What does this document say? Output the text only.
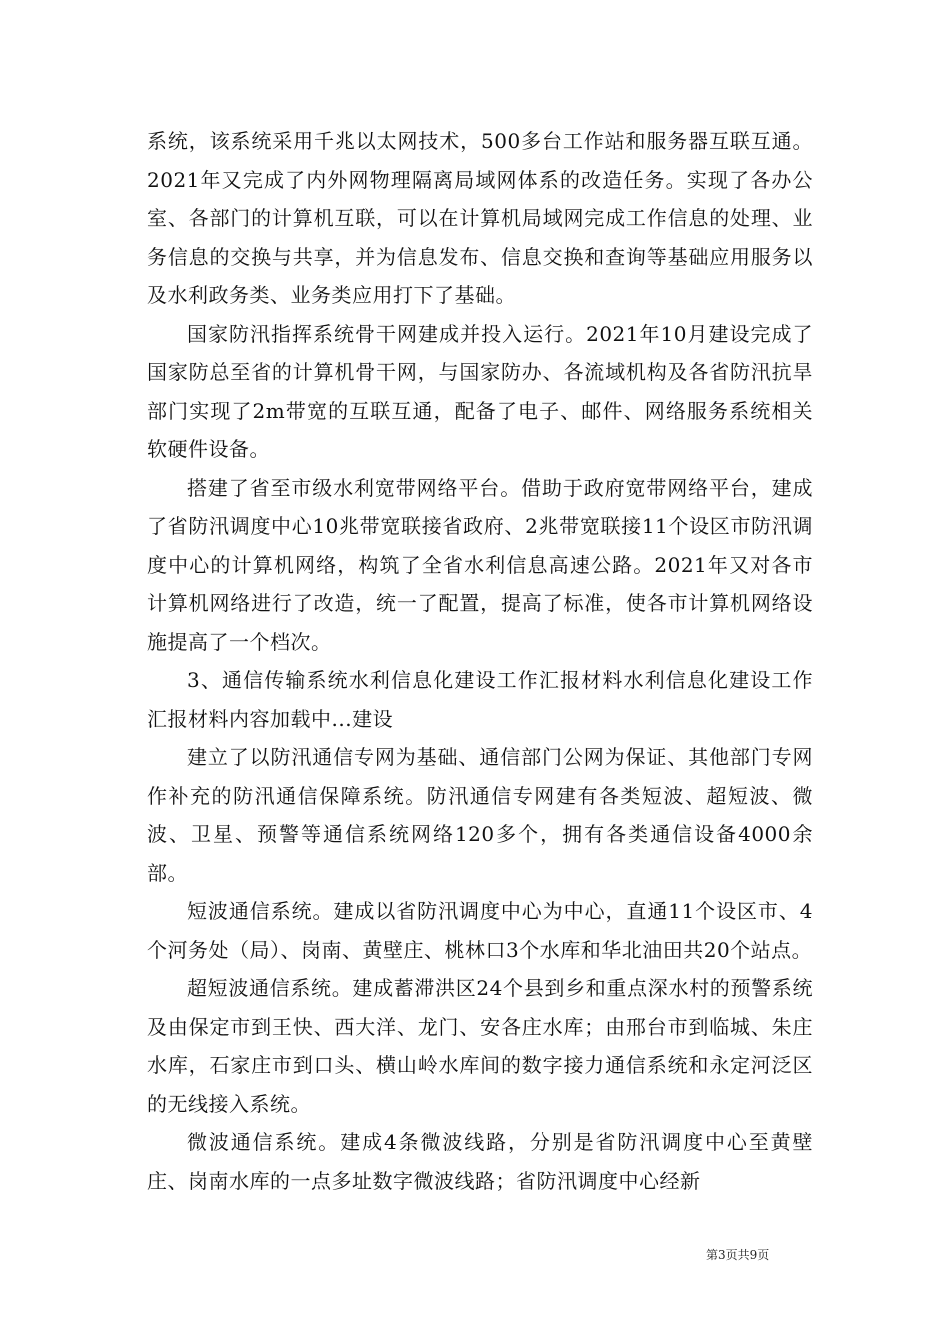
系统，该系统采用千兆以太网技术，500多台工作站和服务器互联互通。2021年又完成了内外网物理隔离局域网体系的改造任务。实现了各办公室、各部门的计算机互联，可以在计算机局域网完成工作信息的处理、业务信息的交换与共享，并为信息发布、信息交换和查询等基础应用服务以及水利政务类、业务类应用打下了基础。

国家防汛指挥系统骨干网建成并投入运行。2021年10月建设完成了国家防总至省的计算机骨干网，与国家防办、各流域机构及各省防汛抗旱部门实现了2m带宽的互联互通，配备了电子、邮件、网络服务系统相关软硬件设备。

搭建了省至市级水利宽带网络平台。借助于政府宽带网络平台，建成了省防汛调度中心10兆带宽联接省政府、2兆带宽联接11个设区市防汛调度中心的计算机网络，构筑了全省水利信息高速公路。2021年又对各市计算机网络进行了改造，统一了配置，提高了标准，使各市计算机网络设施提高了一个档次。

3、通信传输系统水利信息化建设工作汇报材料水利信息化建设工作汇报材料内容加载中...建设

建立了以防汛通信专网为基础、通信部门公网为保证、其他部门专网作补充的防汛通信保障系统。防汛通信专网建有各类短波、超短波、微波、卫星、预警等通信系统网络120多个，拥有各类通信设备4000余部。

短波通信系统。建成以省防汛调度中心为中心，直通11个设区市、4个河务处（局）、岗南、黄壁庄、桃林口3个水库和华北油田共20个站点。

超短波通信系统。建成蓄滞洪区24个县到乡和重点深水村的预警系统及由保定市到王快、西大洋、龙门、安各庄水库；由邢台市到临城、朱庄水库，石家庄市到口头、横山岭水库间的数字接力通信系统和永定河泛区的无线接入系统。

微波通信系统。建成4条微波线路，分别是省防汛调度中心至黄壁庄、岗南水库的一点多址数字微波线路；省防汛调度中心经新

第3页共9页
